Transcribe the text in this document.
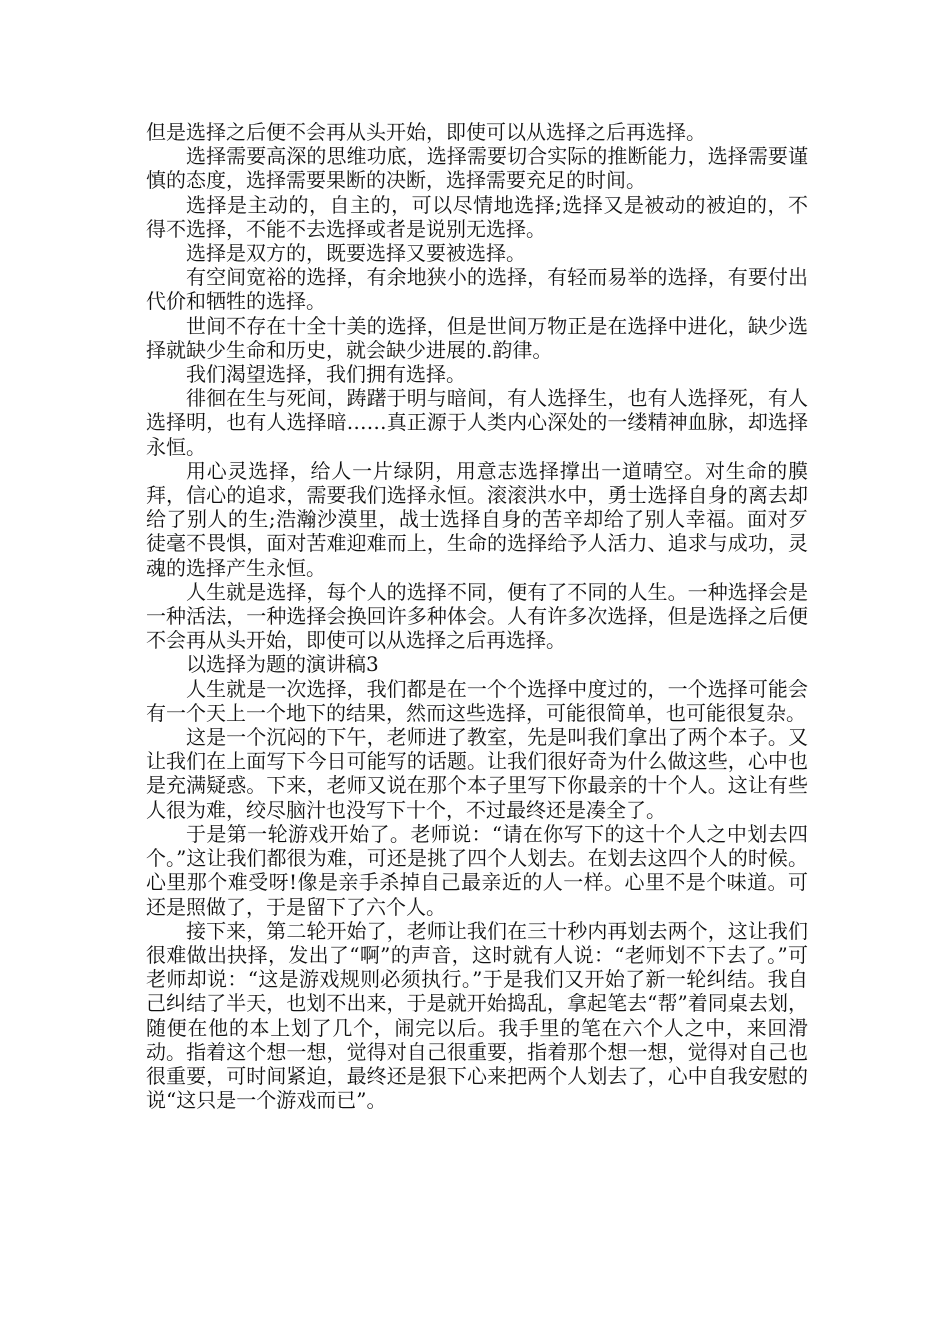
但是选择之后便不会再从头开始，即使可以从选择之后再选择。

选择需要高深的思维功底，选择需要切合实际的推断能力，选择需要谨慎的态度，选择需要果断的决断，选择需要充足的时间。

选择是主动的，自主的，可以尽情地选择;选择又是被动的被迫的，不得不选择，不能不去选择或者是说别无选择。

选择是双方的，既要选择又要被选择。

有空间宽裕的选择，有余地狭小的选择，有轻而易举的选择，有要付出代价和牺牲的选择。

世间不存在十全十美的选择，但是世间万物正是在选择中进化，缺少选择就缺少生命和历史，就会缺少进展的.韵律。

我们渴望选择，我们拥有选择。

徘徊在生与死间，踌躇于明与暗间，有人选择生，也有人选择死，有人选择明，也有人选择暗……真正源于人类内心深处的一缕精神血脉，却选择永恒。

用心灵选择，给人一片绿阴，用意志选择撑出一道晴空。对生命的膜拜，信心的追求，需要我们选择永恒。滚滚洪水中，勇士选择自身的离去却给了别人的生;浩瀚沙漠里，战士选择自身的苦辛却给了别人幸福。面对歹徒毫不畏惧，面对苦难迎难而上，生命的选择给予人活力、追求与成功，灵魂的选择产生永恒。

人生就是选择，每个人的选择不同，便有了不同的人生。一种选择会是一种活法，一种选择会换回许多种体会。人有许多次选择，但是选择之后便不会再从头开始，即使可以从选择之后再选择。

以选择为题的演讲稿3

人生就是一次选择，我们都是在一个个选择中度过的，一个选择可能会有一个天上一个地下的结果，然而这些选择，可能很简单，也可能很复杂。

这是一个沉闷的下午，老师进了教室，先是叫我们拿出了两个本子。又让我们在上面写下今日可能写的话题。让我们很好奇为什么做这些，心中也是充满疑惑。下来，老师又说在那个本子里写下你最亲的十个人。这让有些人很为难，绞尽脑汁也没写下十个，不过最终还是凑全了。

于是第一轮游戏开始了。老师说：“请在你写下的这十个人之中划去四个。”这让我们都很为难，可还是挑了四个人划去。在划去这四个人的时候。心里那个难受呀!像是亲手杀掉自己最亲近的人一样。心里不是个味道。可还是照做了，于是留下了六个人。

接下来，第二轮开始了，老师让我们在三十秒内再划去两个，这让我们很难做出抉择，发出了“啊”的声音，这时就有人说：“老师划不下去了。”可老师却说：“这是游戏规则必须执行。”于是我们又开始了新一轮纠结。我自己纠结了半天，也划不出来，于是就开始捣乱，拿起笔去“帮”着同桌去划，随便在他的本上划了几个，闹完以后。我手里的笔在六个人之中，来回滑动。指着这个想一想，觉得对自己很重要，指着那个想一想，觉得对自己也很重要，可时间紧迫，最终还是狠下心来把两个人划去了，心中自我安慰的说“这只是一个游戏而已”。
